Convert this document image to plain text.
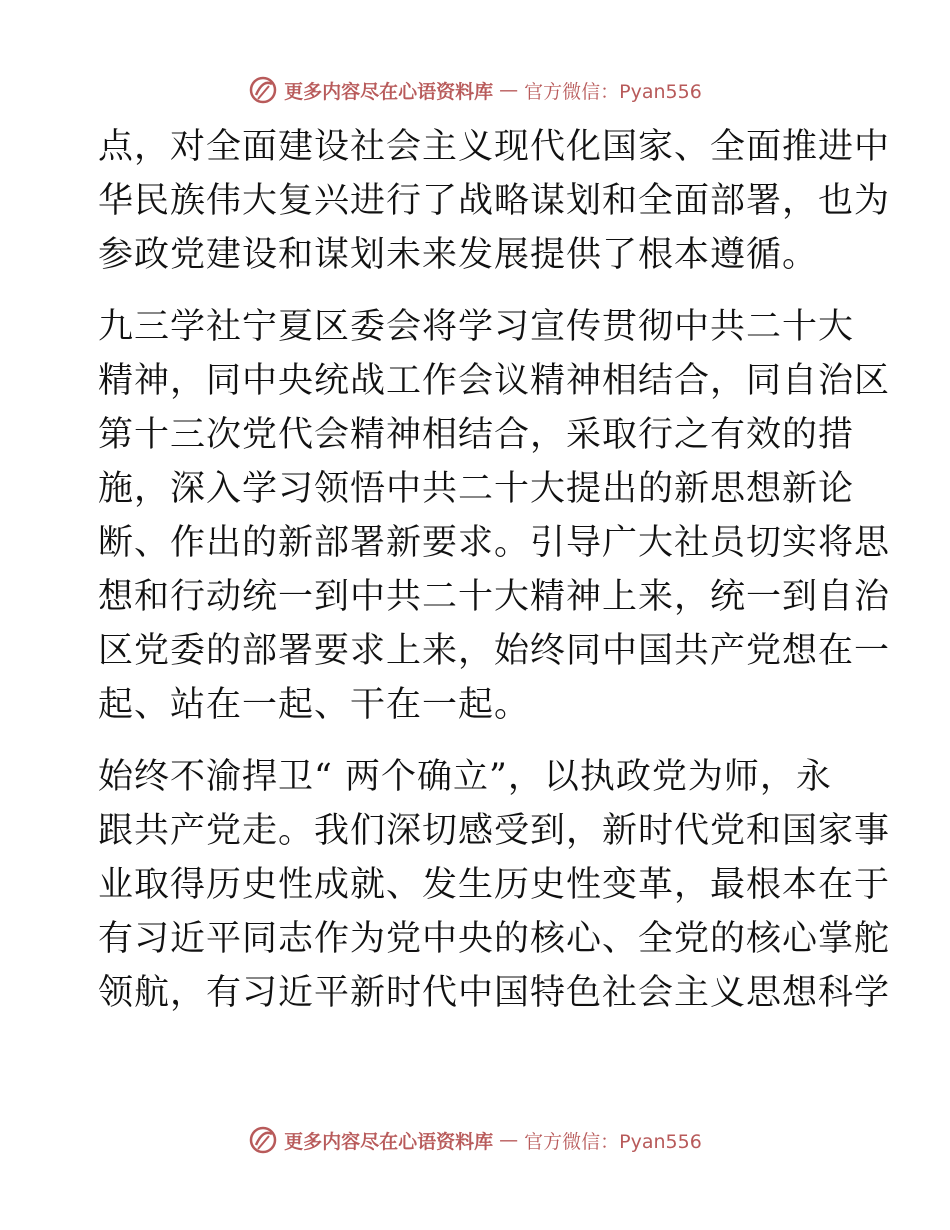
更多内容尽在心语资料库 — 官方微信：Pyan556
点，对全面建设社会主义现代化国家、全面推进中
华民族伟大复兴进行了战略谋划和全面部署，也为
参政党建设和谋划未来发展提供了根本遵循。
九三学社宁夏区委会将学习宣传贯彻中共二十大
精神，同中央统战工作会议精神相结合，同自治区
第十三次党代会精神相结合，采取行之有效的措
施，深入学习领悟中共二十大提出的新思想新论
断、作出的新部署新要求。引导广大社员切实将思
想和行动统一到中共二十大精神上来，统一到自治
区党委的部署要求上来，始终同中国共产党想在一
起、站在一起、干在一起。
始终不渝捍卫“ 两个确立”，以执政党为师，永
跟共产党走。我们深切感受到，新时代党和国家事
业取得历史性成就、发生历史性变革，最根本在于
有习近平同志作为党中央的核心、全党的核心掌舵
领航，有习近平新时代中国特色社会主义思想科学
更多内容尽在心语资料库 — 官方微信：Pyan556
